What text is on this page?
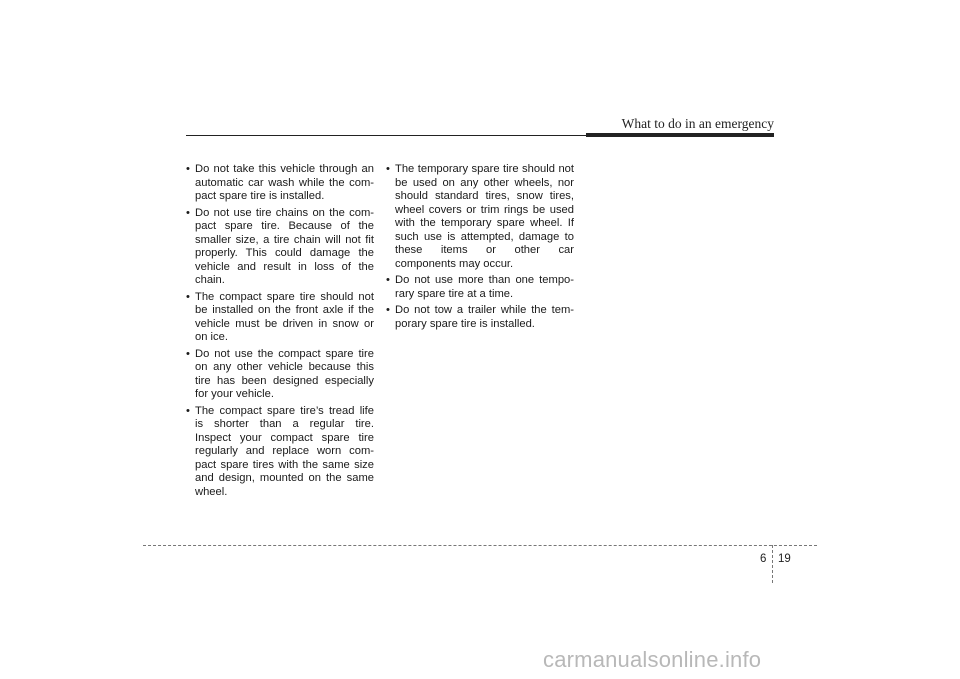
What to do in an emergency
• Do not take this vehicle through an automatic car wash while the com-pact spare tire is installed.
• Do not use tire chains on the com-pact spare tire. Because of the smaller size, a tire chain will not fit properly. This could damage the vehicle and result in loss of the chain.
• The compact spare tire should not be installed on the front axle if the vehicle must be driven in snow or on ice.
• Do not use the compact spare tire on any other vehicle because this tire has been designed especially for your vehicle.
• The compact spare tire’s tread life is shorter than a regular tire. Inspect your compact spare tire regularly and replace worn com-pact spare tires with the same size and design, mounted on the same wheel.
• The temporary spare tire should not be used on any other wheels, nor should standard tires, snow tires, wheel covers or trim rings be used with the temporary spare wheel. If such use is attempted, damage to these items or other car components may occur.
• Do not use more than one tempo-rary spare tire at a time.
• Do not tow a trailer while the tem-porary spare tire is installed.
6 19
carmanualsonline.info
